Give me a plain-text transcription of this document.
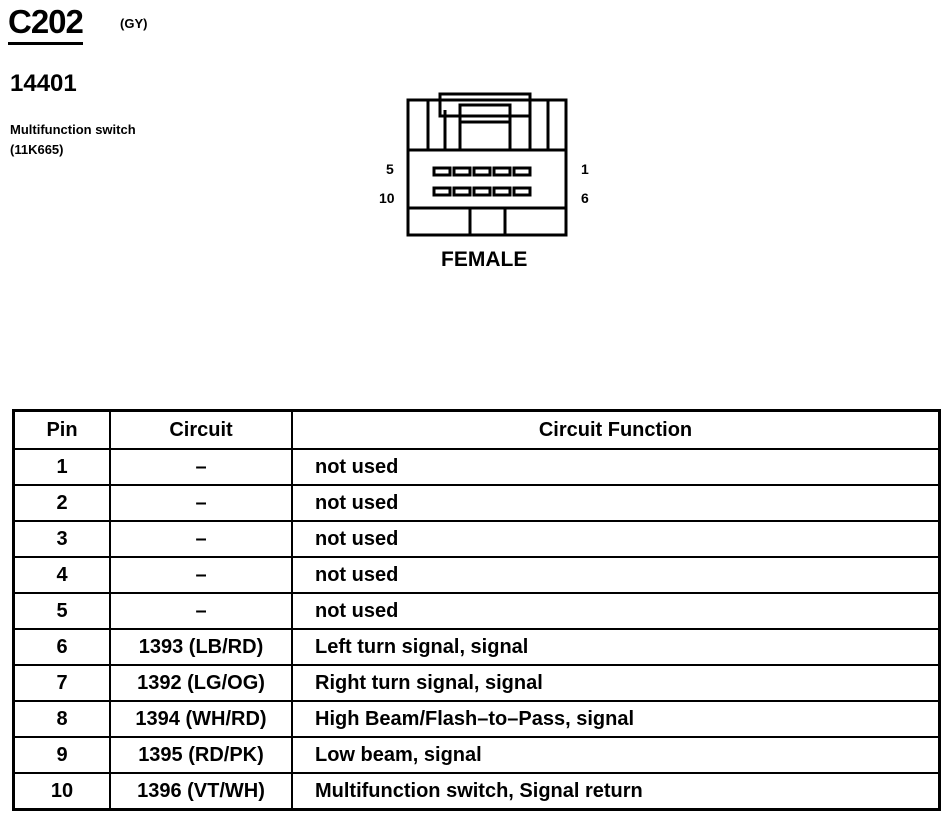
C202	(GY)
14401
Multifunction switch
(11K665)
5
10
1
6
FEMALE
Pin	Circuit	Circuit Function
1	–	not used
2	–	not used
3	–	not used
4	–	not used
5	–	not used
6	1393 (LB/RD)	Left turn signal, signal
7	1392 (LG/OG)	Right turn signal, signal
8	1394 (WH/RD)	High Beam/Flash–to–Pass, signal
9	1395 (RD/PK)	Low beam, signal
10	1396 (VT/WH)	Multifunction switch, Signal return
